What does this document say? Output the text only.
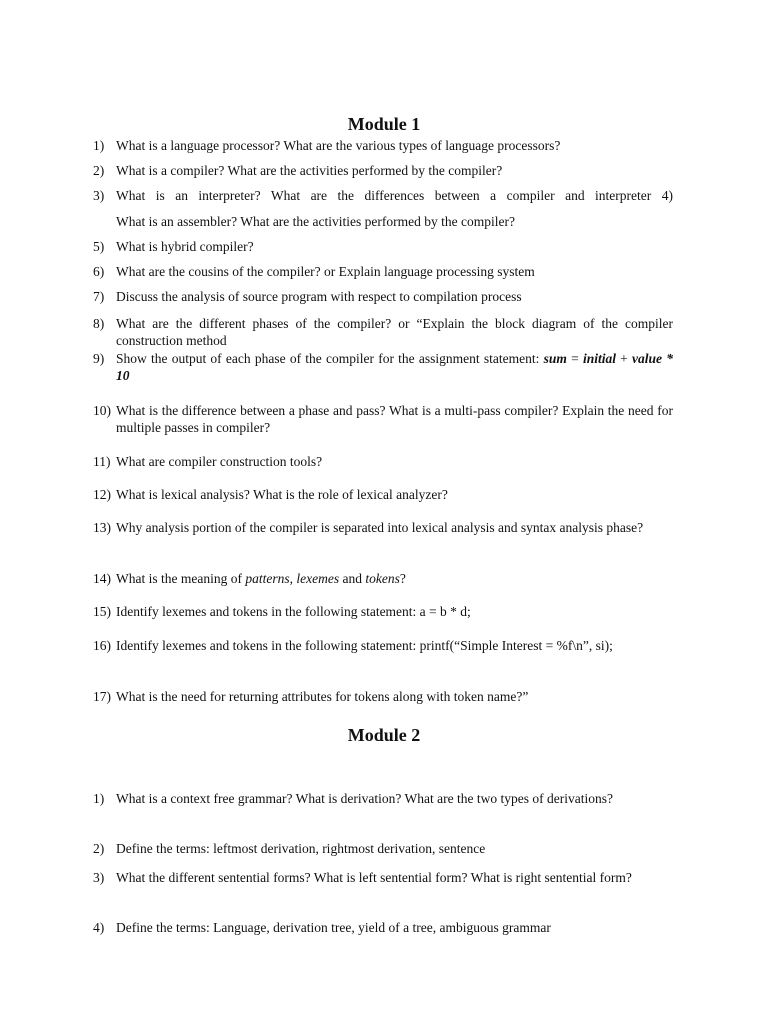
Module 1
1) What is a language processor? What are the various types of language processors?
2) What is a compiler? What are the activities performed by the compiler?
3) What is an interpreter? What are the differences between a compiler and interpreter 4)
What is an assembler? What are the activities performed by the compiler?
5) What is hybrid compiler?
6) What are the cousins of the compiler? or Explain language processing system
7) Discuss the analysis of source program with respect to compilation process
8) What are the different phases of the compiler? or “Explain the block diagram of the compiler construction method
9) Show the output of each phase of the compiler for the assignment statement: sum = initial + value * 10
10) What is the difference between a phase and pass? What is a multi-pass compiler? Explain the need for multiple passes in compiler?
11) What are compiler construction tools?
12) What is lexical analysis? What is the role of lexical analyzer?
13) Why analysis portion of the compiler is separated into lexical analysis and syntax analysis phase?
14) What is the meaning of patterns, lexemes and tokens?
15) Identify lexemes and tokens in the following statement: a = b * d;
16) Identify lexemes and tokens in the following statement: printf(“Simple Interest = %f\n”, si);
17) What is the need for returning attributes for tokens along with token name?”
Module 2
1) What is a context free grammar? What is derivation? What are the two types of derivations?
2) Define the terms: leftmost derivation, rightmost derivation, sentence
3) What the different sentential forms? What is left sentential form? What is right sentential form?
4) Define the terms: Language, derivation tree, yield of a tree, ambiguous grammar
